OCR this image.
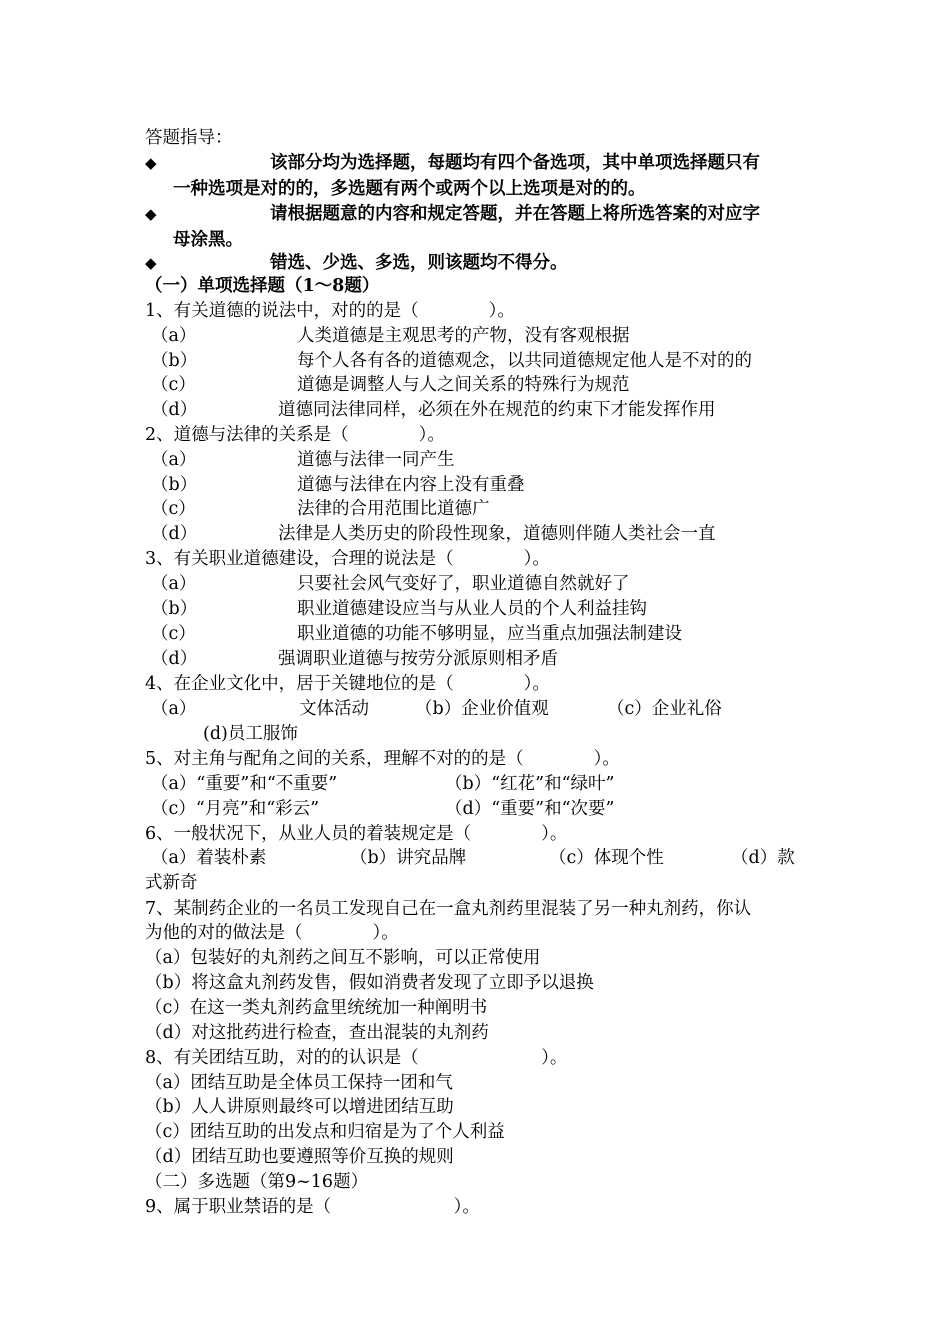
答题指导：
◆	该部分均为选择题，每题均有四个备选项，其中单项选择题只有
一种选项是对的的，多选题有两个或两个以上选项是对的的。
◆	请根据题意的内容和规定答题，并在答题上将所选答案的对应字
母涂黑。
◆	错选、少选、多选，则该题均不得分。
（一）单项选择题（1～8题）
1、有关道德的说法中，对的的是（　　　　）。
（a）	人类道德是主观思考的产物，没有客观根据
（b）	每个人各有各的道德观念，以共同道德规定他人是不对的的
（c）	道德是调整人与人之间关系的特殊行为规范
（d）	道德同法律同样，必须在外在规范的约束下才能发挥作用
2、道德与法律的关系是（　　　　）。
（a）	道德与法律一同产生
（b）	道德与法律在内容上没有重叠
（c）	法律的合用范围比道德广
（d）	法律是人类历史的阶段性现象，道德则伴随人类社会一直
3、有关职业道德建设，合理的说法是（　　　　）。
（a）	只要社会风气变好了，职业道德自然就好了
（b）	职业道德建设应当与从业人员的个人利益挂钩
（c）	职业道德的功能不够明显，应当重点加强法制建设
（d）	强调职业道德与按劳分派原则相矛盾
4、在企业文化中，居于关键地位的是（　　　　）。
（a）	文体活动	（b）企业价值观	（c）企业礼俗
(d)员工服饰
5、对主角与配角之间的关系，理解不对的的是（　　　　）。
（a）“重要”和“不重要”	（b）“红花”和“绿叶”
（c）“月亮”和“彩云”	（d）“重要”和“次要”
6、一般状况下，从业人员的着装规定是（　　　　）。
（a）着装朴素	（b）讲究品牌	（c）体现个性	（d）款
式新奇
7、某制药企业的一名员工发现自己在一盒丸剂药里混装了另一种丸剂药，你认
为他的对的做法是（　　　　）。
（a）包装好的丸剂药之间互不影响，可以正常使用
（b）将这盒丸剂药发售，假如消费者发现了立即予以退换
（c）在这一类丸剂药盒里统统加一种阐明书
（d）对这批药进行检查，查出混装的丸剂药
8、有关团结互助，对的的认识是（　　　　　　　）。
（a）团结互助是全体员工保持一团和气
（b）人人讲原则最终可以增进团结互助
（c）团结互助的出发点和归宿是为了个人利益
（d）团结互助也要遵照等价互换的规则
（二）多选题（第9~16题）
9、属于职业禁语的是（　　　　　　　）。
